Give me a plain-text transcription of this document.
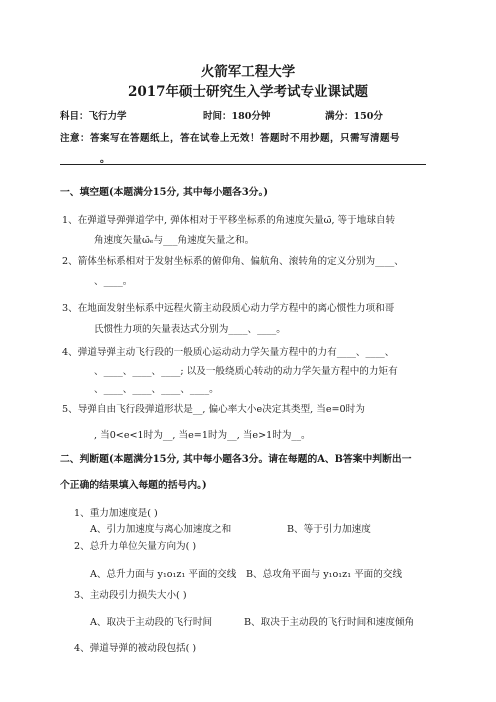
火箭军工程大学
2017年硕士研究生入学考试专业课试题
科目：飞行力学	时间：180分钟	满分：150分
注意：答案写在答题纸上，答在试卷上无效！答题时不用抄题，只需写清题号
。
一、填空题(本题满分15分, 其中每小题各3分。)
1、在弹道导弹弹道学中, 弹体相对于平移坐标系的角速度矢量ω̄, 等于地球自转
角速度矢量ω̄ₑ与___角速度矢量之和。
2、箭体坐标系相对于发射坐标系的俯仰角、偏航角、滚转角的定义分别为____、
、____。
3、在地面发射坐标系中远程火箭主动段质心动力学方程中的离心惯性力项和哥
氏惯性力项的矢量表达式分别为____、____。
4、弹道导弹主动飞行段的一般质心运动动力学矢量方程中的力有____、____、
、____、____、____; 以及一般绕质心转动的动力学矢量方程中的力矩有
、____、____、____、____。
5、导弹自由飞行段弹道形状是__, 偏心率大小e决定其类型, 当e=0时为
, 当0<e<1时为__, 当e=1时为__, 当e>1时为__。
二、判断题(本题满分15分, 其中每小题各3分。请在每题的A、B答案中判断出一
个正确的结果填入每题的括号内。)
1、重力加速度是( )
A、引力加速度与离心加速度之和	B、等于引力加速度
2、总升力单位矢量方向为( )
A、总升力面与 y₁o₁z₁ 平面的交线 B、总攻角平面与 y₁o₁z₁ 平面的交线
3、主动段引力损失大小( )
A、取决于主动段的飞行时间	B、取决于主动段的飞行时间和速度倾角
4、弹道导弹的被动段包括( )
